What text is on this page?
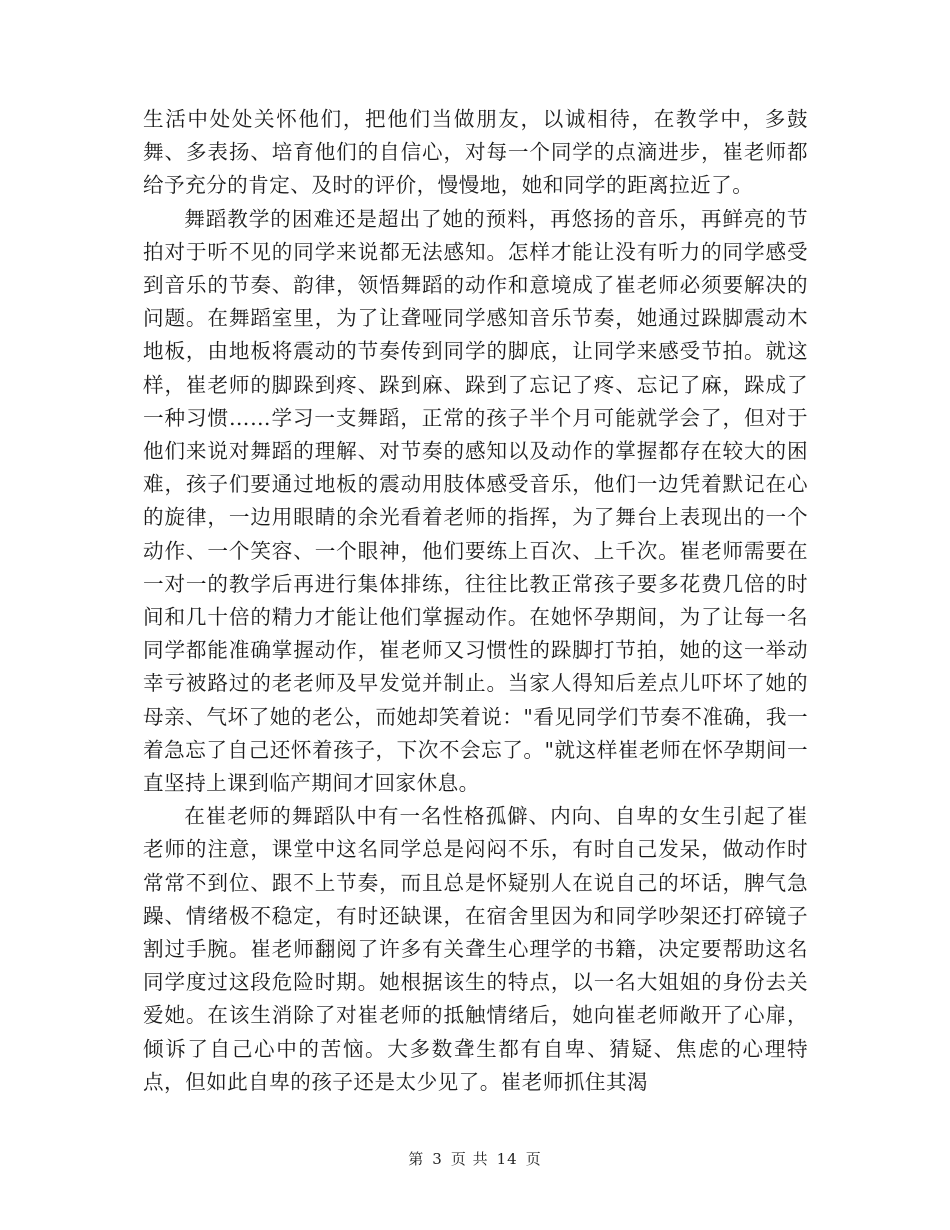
生活中处处关怀他们，把他们当做朋友，以诚相待，在教学中，多鼓舞、多表扬、培育他们的自信心，对每一个同学的点滴进步，崔老师都给予充分的肯定、及时的评价，慢慢地，她和同学的距离拉近了。

舞蹈教学的困难还是超出了她的预料，再悠扬的音乐，再鲜亮的节拍对于听不见的同学来说都无法感知。怎样才能让没有听力的同学感受到音乐的节奏、韵律，领悟舞蹈的动作和意境成了崔老师必须要解决的问题。在舞蹈室里，为了让聋哑同学感知音乐节奏，她通过跺脚震动木地板，由地板将震动的节奏传到同学的脚底，让同学来感受节拍。就这样，崔老师的脚跺到疼、跺到麻、跺到了忘记了疼、忘记了麻，跺成了一种习惯……学习一支舞蹈，正常的孩子半个月可能就学会了，但对于他们来说对舞蹈的理解、对节奏的感知以及动作的掌握都存在较大的困难，孩子们要通过地板的震动用肢体感受音乐，他们一边凭着默记在心的旋律，一边用眼睛的余光看着老师的指挥，为了舞台上表现出的一个动作、一个笑容、一个眼神，他们要练上百次、上千次。崔老师需要在一对一的教学后再进行集体排练，往往比教正常孩子要多花费几倍的时间和几十倍的精力才能让他们掌握动作。在她怀孕期间，为了让每一名同学都能准确掌握动作，崔老师又习惯性的跺脚打节拍，她的这一举动幸亏被路过的老老师及早发觉并制止。当家人得知后差点儿吓坏了她的母亲、气坏了她的老公，而她却笑着说："看见同学们节奏不准确，我一着急忘了自己还怀着孩子，下次不会忘了。"就这样崔老师在怀孕期间一直坚持上课到临产期间才回家休息。

在崔老师的舞蹈队中有一名性格孤僻、内向、自卑的女生引起了崔老师的注意，课堂中这名同学总是闷闷不乐，有时自己发呆，做动作时常常不到位、跟不上节奏，而且总是怀疑别人在说自己的坏话，脾气急躁、情绪极不稳定，有时还缺课，在宿舍里因为和同学吵架还打碎镜子割过手腕。崔老师翻阅了许多有关聋生心理学的书籍，决定要帮助这名同学度过这段危险时期。她根据该生的特点，以一名大姐姐的身份去关爱她。在该生消除了对崔老师的抵触情绪后，她向崔老师敞开了心扉，倾诉了自己心中的苦恼。大多数聋生都有自卑、猜疑、焦虑的心理特点，但如此自卑的孩子还是太少见了。崔老师抓住其渴

第 3 页 共 14 页
